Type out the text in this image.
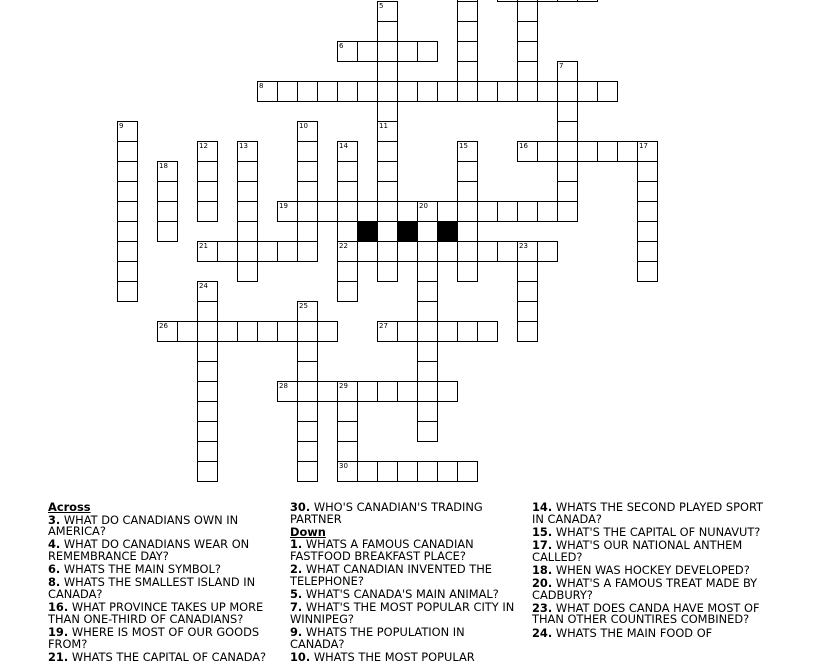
6
8
16	17
19	20
21	22	23
26	27
28	29
30
5
7
9	10	11
12	13	14	15
18
24
25
Across
3. WHAT DO CANADIANS OWN IN AMERICA?
4. WHAT DO CANADIANS WEAR ON REMEMBRANCE DAY?
6. WHATS THE MAIN SYMBOL?
8. WHATS THE SMALLEST ISLAND IN CANADA?
16. WHAT PROVINCE TAKES UP MORE THAN ONE-THIRD OF CANADIANS?
19. WHERE IS MOST OF OUR GOODS FROM?
21. WHATS THE CAPITAL OF CANADA?
30. WHO'S CANADIAN'S TRADING PARTNER
Down
1. WHATS A FAMOUS CANADIAN FASTFOOD BREAKFAST PLACE?
2. WHAT CANADIAN INVENTED THE TELEPHONE?
5. WHAT'S CANADA'S MAIN ANIMAL?
7. WHAT'S THE MOST POPULAR CITY IN WINNIPEG?
9. WHATS THE POPULATION IN CANADA?
10. WHATS THE MOST POPULAR
14. WHATS THE SECOND PLAYED SPORT IN CANADA?
15. WHAT'S THE CAPITAL OF NUNAVUT?
17. WHAT'S OUR NATIONAL ANTHEM CALLED?
18. WHEN WAS HOCKEY DEVELOPED?
20. WHAT'S A FAMOUS TREAT MADE BY CADBURY?
23. WHAT DOES CANDA HAVE MOST OF THAN OTHER COUNTIRES COMBINED?
24. WHATS THE MAIN FOOD OF
